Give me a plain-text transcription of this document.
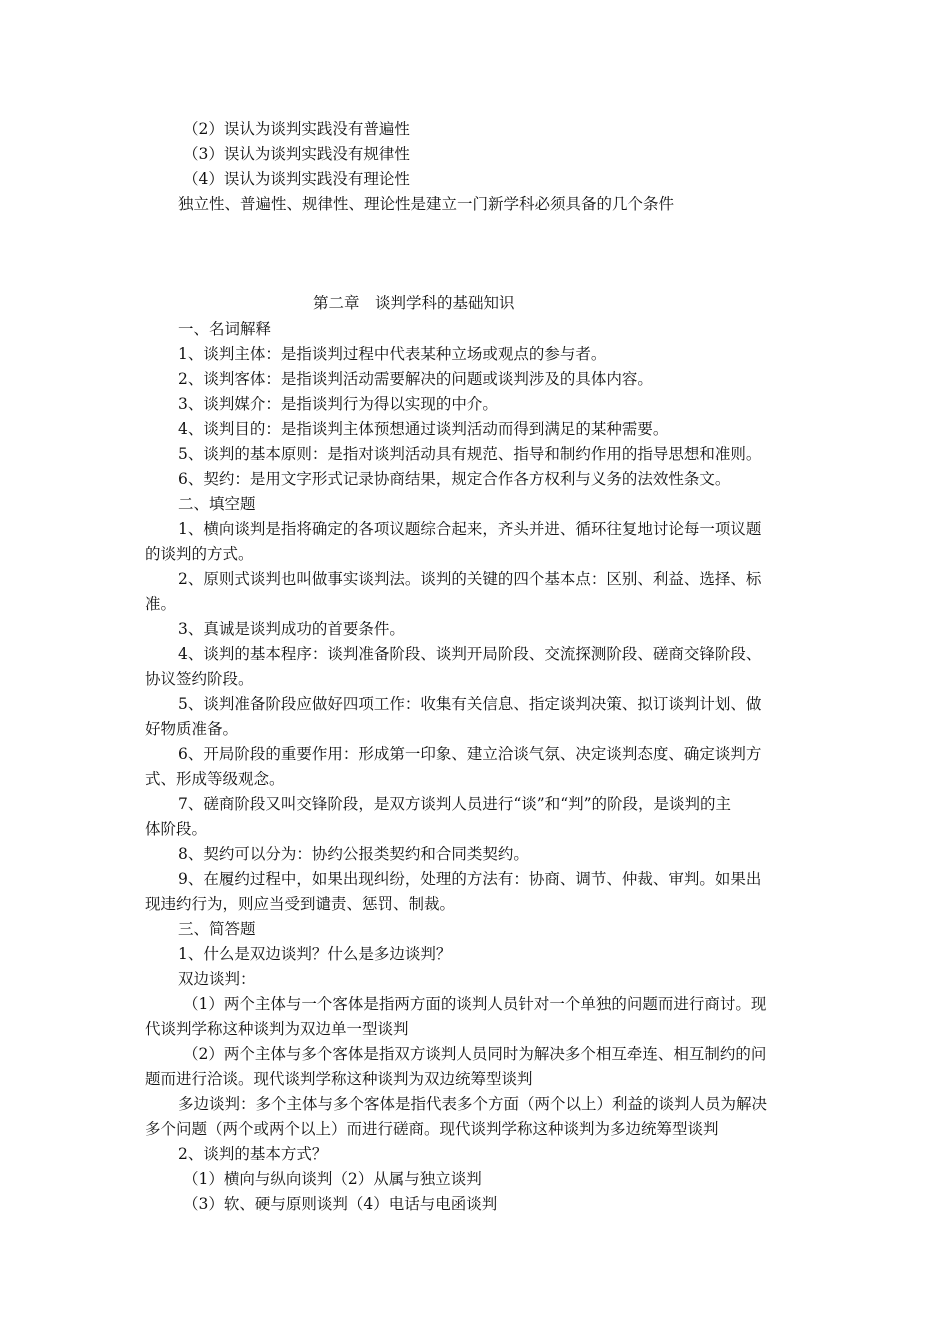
（2）误认为谈判实践没有普遍性

（3）误认为谈判实践没有规律性

（4）误认为谈判实践没有理论性

独立性、普遍性、规律性、理论性是建立一门新学科必须具备的几个条件

第二章　谈判学科的基础知识

一、名词解释

1、谈判主体：是指谈判过程中代表某种立场或观点的参与者。

2、谈判客体：是指谈判活动需要解决的问题或谈判涉及的具体内容。

3、谈判媒介：是指谈判行为得以实现的中介。

4、谈判目的：是指谈判主体预想通过谈判活动而得到满足的某种需要。

5、谈判的基本原则：是指对谈判活动具有规范、指导和制约作用的指导思想和准则。

6、契约：是用文字形式记录协商结果，规定合作各方权利与义务的法效性条文。

二、填空题

1、横向谈判是指将确定的各项议题综合起来，齐头并进、循环往复地讨论每一项议题

的谈判的方式。

2、原则式谈判也叫做事实谈判法。谈判的关键的四个基本点：区别、利益、选择、标

准。

3、真诚是谈判成功的首要条件。

4、谈判的基本程序：谈判准备阶段、谈判开局阶段、交流探测阶段、磋商交锋阶段、

协议签约阶段。

5、谈判准备阶段应做好四项工作：收集有关信息、指定谈判决策、拟订谈判计划、做

好物质准备。

6、开局阶段的重要作用：形成第一印象、建立洽谈气氛、决定谈判态度、确定谈判方

式、形成等级观念。

7、磋商阶段又叫交锋阶段，是双方谈判人员进行“谈”和“判”的阶段，是谈判的主

体阶段。

8、契约可以分为：协约公报类契约和合同类契约。

9、在履约过程中，如果出现纠纷，处理的方法有：协商、调节、仲裁、审判。如果出

现违约行为，则应当受到谴责、惩罚、制裁。

三、简答题

1、什么是双边谈判？什么是多边谈判？

双边谈判：

（1）两个主体与一个客体是指两方面的谈判人员针对一个单独的问题而进行商讨。现

代谈判学称这种谈判为双边单一型谈判

（2）两个主体与多个客体是指双方谈判人员同时为解决多个相互牵连、相互制约的问

题而进行洽谈。现代谈判学称这种谈判为双边统筹型谈判

多边谈判：多个主体与多个客体是指代表多个方面（两个以上）利益的谈判人员为解决

多个问题（两个或两个以上）而进行磋商。现代谈判学称这种谈判为多边统筹型谈判

2、谈判的基本方式？

（1）横向与纵向谈判（2）从属与独立谈判

（3）软、硬与原则谈判（4）电话与电函谈判
